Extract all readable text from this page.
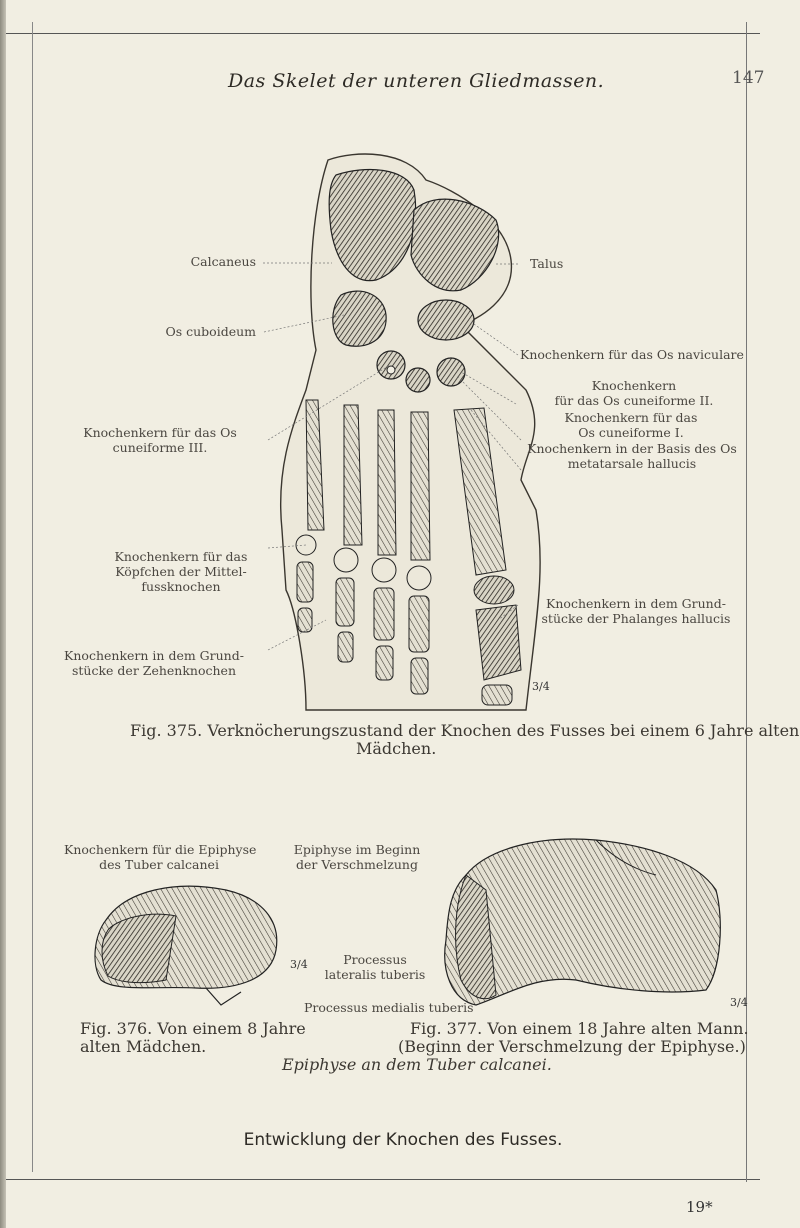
Das Skelet der unteren Gliedmassen.	147
Calcaneus	Talus
Os cuboideum
Knochenkern für das Os naviculare
Knochenkern
für das Os cuneiforme II.
Knochenkern für das
Os cuneiforme I.
Knochenkern in der Basis des Os
metatarsale hallucis
Knochenkern für das Os
cuneiforme III.
Knochenkern für das
Köpfchen der Mittel-
fussknochen
Knochenkern in dem Grund-
stücke der Zehenknochen
Knochenkern in dem Grund-
stücke der Phalanges hallucis
3/4
Fig. 375. Verknöcherungszustand der Knochen des Fusses bei einem 6 Jahre alten
Mädchen.
Knochenkern für die Epiphyse
des Tuber calcanei
3/4
Fig. 376. Von einem 8 Jahre
alten Mädchen.
Epiphyse im Beginn
der Verschmelzung
Processus
lateralis tuberis
Processus medialis tuberis	3/4
Fig. 377. Von einem 18 Jahre alten Mann.
(Beginn der Verschmelzung der Epiphyse.)
Epiphyse an dem Tuber calcanei.
Entwicklung der Knochen des Fusses.
19*
